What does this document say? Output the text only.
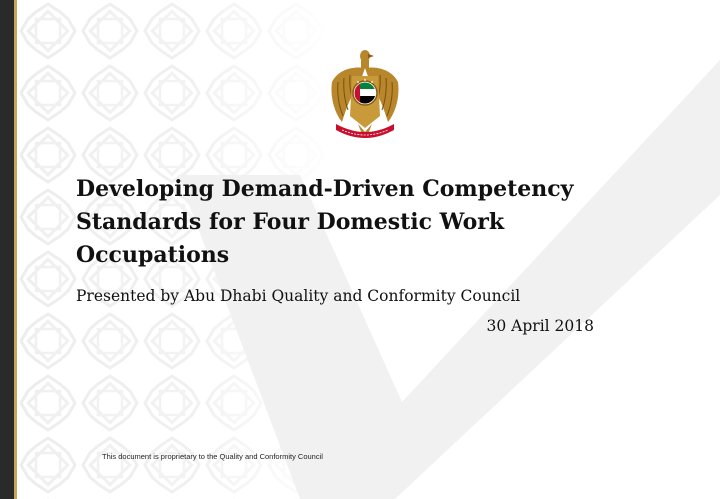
Developing Demand-Driven Competency
Standards for Four Domestic Work
Occupations

Presented by Abu Dhabi Quality and Conformity Council

30 April 2018

This document is proprietary to the Quality and Conformity Council
